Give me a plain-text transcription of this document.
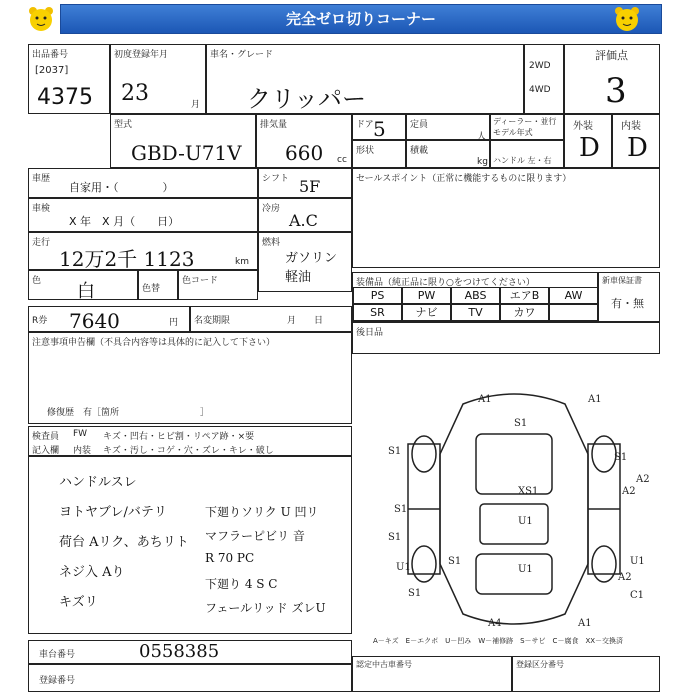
完全ゼロ切りコーナー
出品番号
[2037]
4375
初度登録年月
23	月
車名・グレード
クリッパー
2WD
4WD
評価点
3
型式
GBD-U71V
排気量
660 cc
ドア 5	定員
人
ディーラー・並行
モデル年式
形状	積載
kg ハンドル 左・右
外装
D
内装
D
車歴
自家用・（　　　　）
シフト 5F
車検
X 年　X 月（　　日）
冷房
A.C
走行
12万2千 1123	km
燃料
ガソリン 軽油
色 白	色替
色コード
R券 7640	円 名変期限	月　　日
注意事項申告欄（不具合内容等は具体的に記入して下さい）
修復歴　有［箇所　　　　　　　　　］
セールスポイント（正常に機能するものに限ります）
装備品（純正品に限り○をつけてください）
PS	PW	ABS	エアB	AW
SR	ナビ	TV	カワ
新車保証書
有・無
後日品
検査員 FW キズ・凹右・ヒビ割・リペア跡・×要
記入欄 内装 キズ・汚し・コゲ・穴・ズレ・キレ・破し
ハンドルスレ
ヨトヤブレ/バテリ
荷台 Aリク、あちリト
ネジ入 Aり
キズリ
下廻りソリク U 凹リ
マフラーピビリ 音
R 70 PC
下廻り 4 S C
フェールリッド ズレU
A1	A1
S1
S1
S1
A2
A2
XS1
S1
U1
S1
S1
U1
U1
U1
A2
C1
S1
A4	A1
A－キズ　E－エクボ　U－凹み　W－補修跡　S－サビ　C－腐食　XX－交換済
車台番号	0558385
登録番号
認定中古車番号	登録区分番号
